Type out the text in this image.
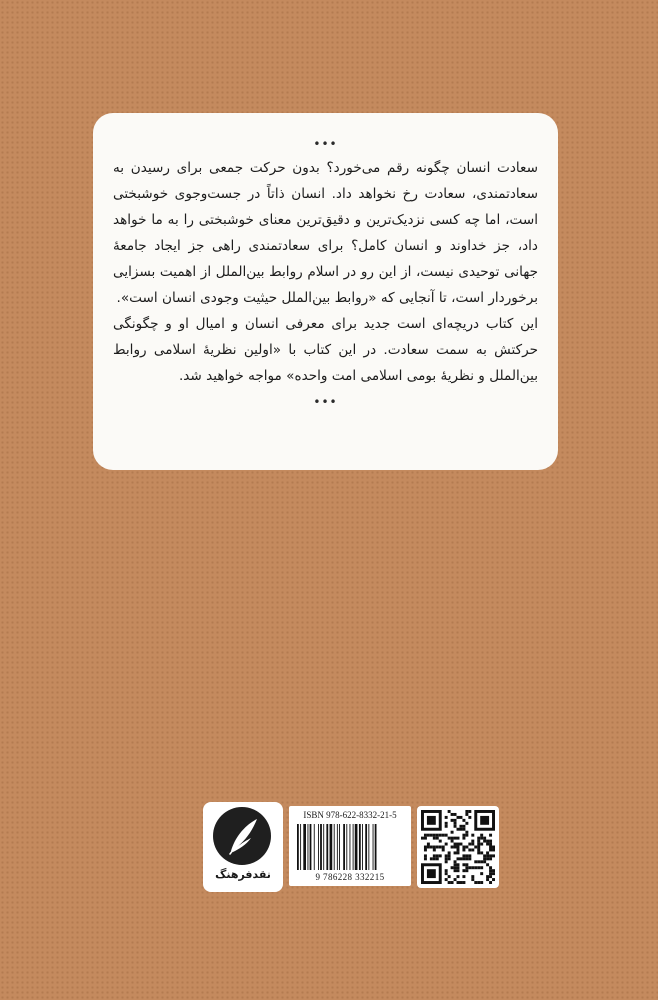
•••

سعادت انسان چگونه رقم می‌خورد؟ بدون حرکت جمعی برای رسیدن به سعادتمندی، سعادت رخ نخواهد داد. انسان ذاتاً در جست‌وجوی خوشبختی است، اما چه کسی نزدیک‌ترین و دقیق‌ترین معنای خوشبختی را به ما خواهد داد، جز خداوند و انسان کامل؟ برای سعادتمندی راهی جز ایجاد جامعهٔ جهانی توحیدی نیست، از این رو در اسلام روابط بین‌الملل از اهمیت بسزایی برخوردار است، تا آنجایی که «روابط بین‌الملل حیثیت وجودی انسان است».

این کتاب دریچه‌ای است جدید برای معرفی انسان و امیال او و چگونگی حرکتش به سمت سعادت. در این کتاب با «اولین نظریهٔ اسلامی روابط بین‌الملل و نظریهٔ بومی اسلامی امت واحده» مواجه خواهید شد.

•••
نقدفرهنگ
ISBN 978-622-8332-21-5
9 786228 332215
